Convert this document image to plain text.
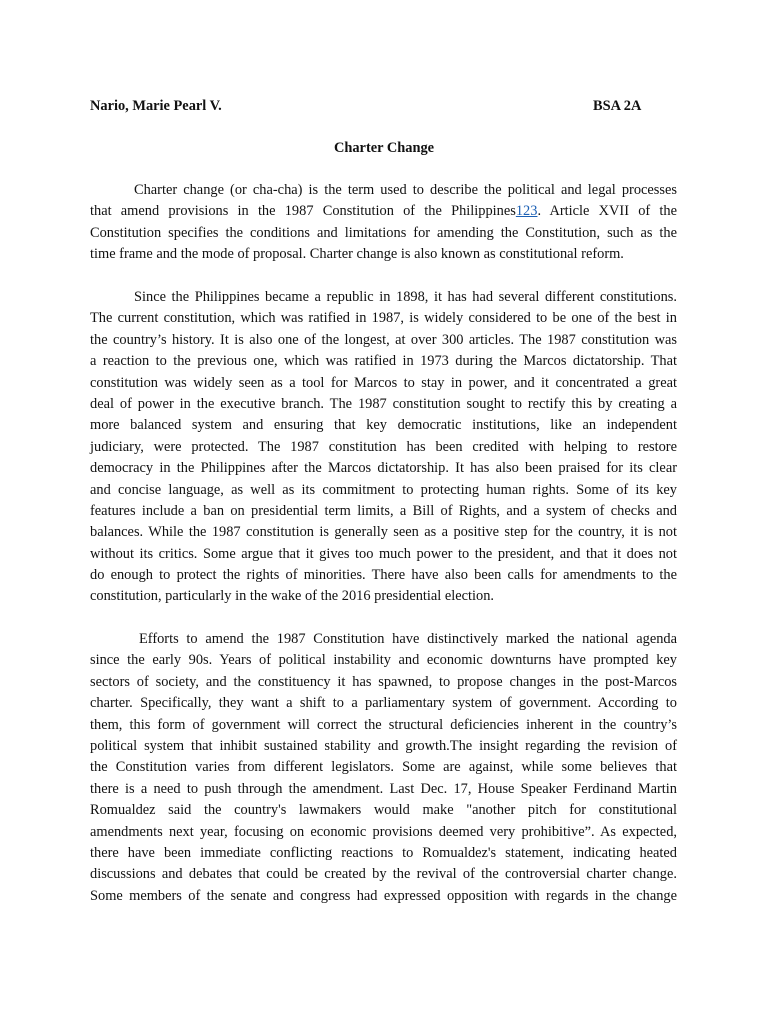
Nario, Marie Pearl V.	BSA 2A
Charter Change
Charter change (or cha-cha) is the term used to describe the political and legal processes
that amend provisions in the 1987 Constitution of the Philippines123. Article XVII of the
Constitution specifies the conditions and limitations for amending the Constitution, such as the
time frame and the mode of proposal. Charter change is also known as constitutional reform.
Since the Philippines became a republic in 1898, it has had several different constitutions.
The current constitution, which was ratified in 1987, is widely considered to be one of the best in
the country’s history. It is also one of the longest, at over 300 articles. The 1987 constitution was
a reaction to the previous one, which was ratified in 1973 during the Marcos dictatorship. That
constitution was widely seen as a tool for Marcos to stay in power, and it concentrated a great
deal of power in the executive branch. The 1987 constitution sought to rectify this by creating a
more balanced system and ensuring that key democratic institutions, like an independent
judiciary, were protected. The 1987 constitution has been credited with helping to restore
democracy in the Philippines after the Marcos dictatorship. It has also been praised for its clear
and concise language, as well as its commitment to protecting human rights. Some of its key
features include a ban on presidential term limits, a Bill of Rights, and a system of checks and
balances. While the 1987 constitution is generally seen as a positive step for the country, it is not
without its critics. Some argue that it gives too much power to the president, and that it does not
do enough to protect the rights of minorities. There have also been calls for amendments to the
constitution, particularly in the wake of the 2016 presidential election.
Efforts to amend the 1987 Constitution have distinctively marked the national agenda
since the early 90s. Years of political instability and economic downturns have prompted key
sectors of society, and the constituency it has spawned, to propose changes in the post-Marcos
charter. Specifically, they want a shift to a parliamentary system of government. According to
them, this form of government will correct the structural deficiencies inherent in the country’s
political system that inhibit sustained stability and growth.The insight regarding the revision of
the Constitution varies from different legislators. Some are against, while some believes that
there is a need to push through the amendment. Last Dec. 17, House Speaker Ferdinand Martin
Romualdez said the country's lawmakers would make "another pitch for constitutional
amendments next year, focusing on economic provisions deemed very prohibitive”. As expected,
there have been immediate conflicting reactions to Romualdez's statement, indicating heated
discussions and debates that could be created by the revival of the controversial charter change.
Some members of the senate and congress had expressed opposition with regards in the change
